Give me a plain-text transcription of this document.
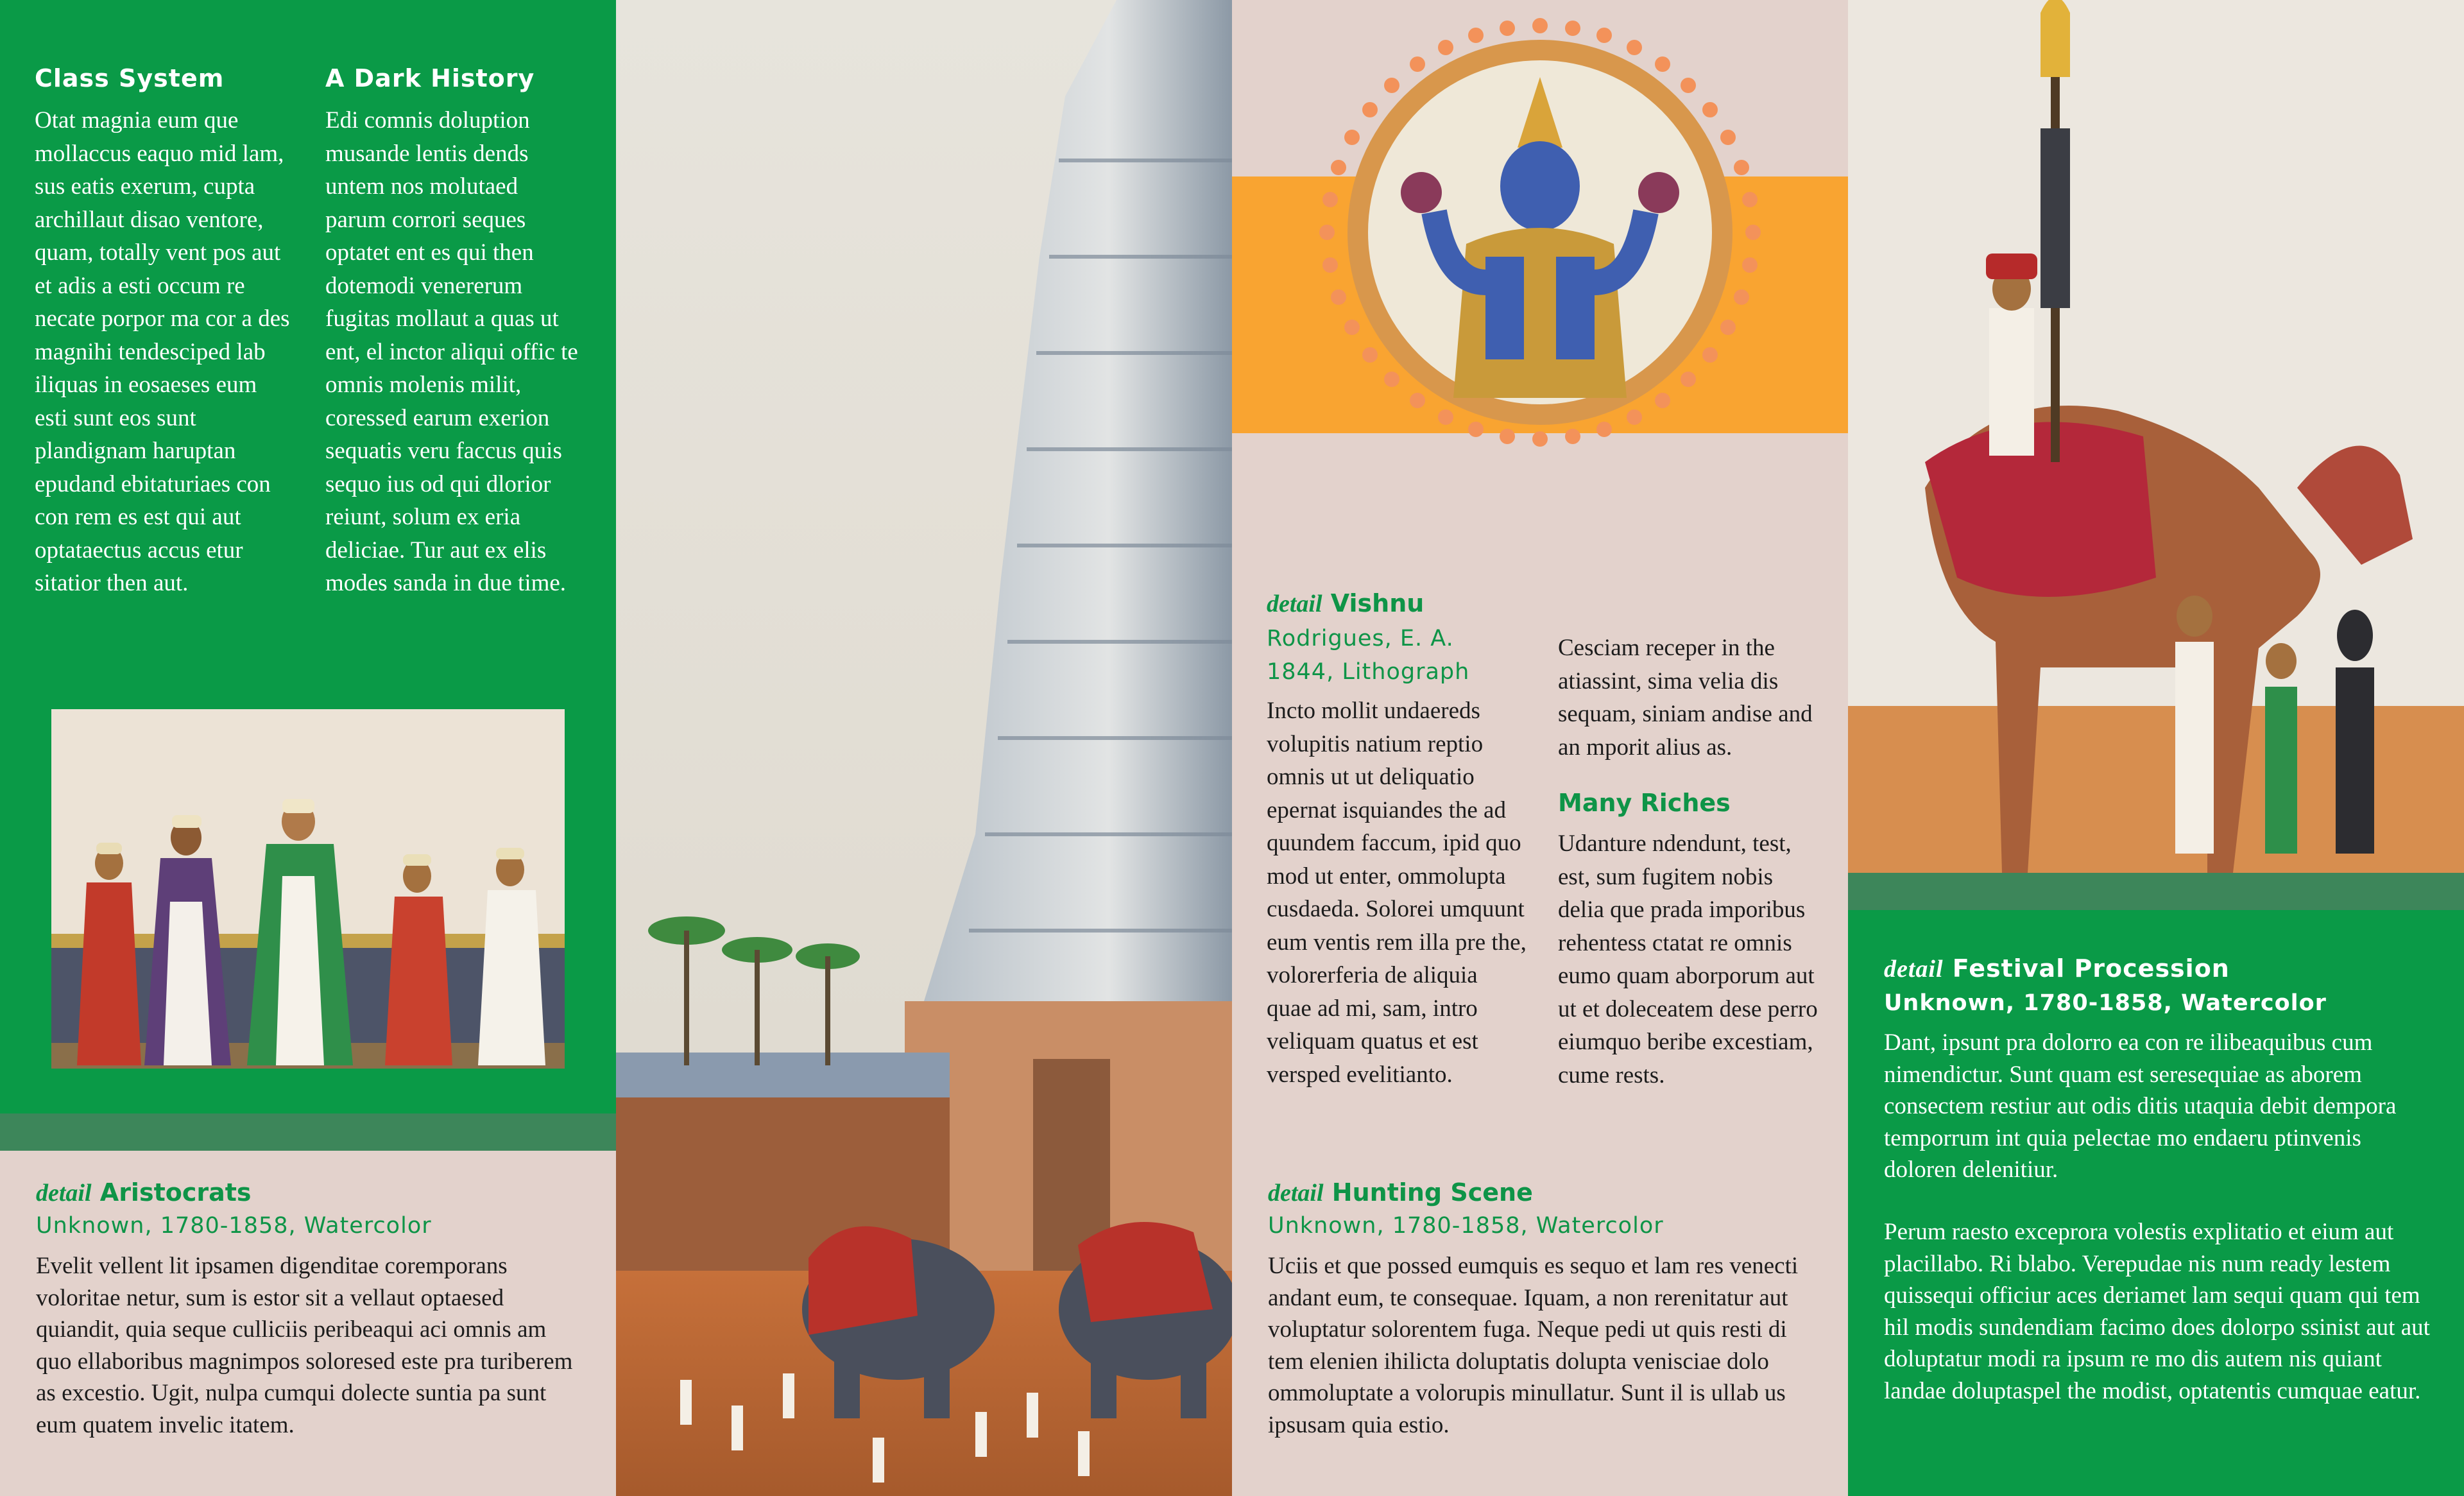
Class System
Otat magnia eum que mollaccus eaquo mid lam, sus eatis exerum, cupta archillaut disao ventore, quam, totally vent pos aut et adis a esti occum re necate porpor ma cor a des magnihi tendesciped lab iliquas in eosaeses eum esti sunt eos sunt plandignam haruptan epudand ebitaturiaes con con rem es est qui aut optataectus accus etur sitatior then aut.
A Dark History
Edi comnis doluption musande lentis dends untem nos molutaed parum corrori seques optatet ent es qui then dotemodi venererum fugitas mollaut a quas ut ent, el inctor aliqui offic te omnis molenis milit, coressed earum exerion sequatis veru faccus quis sequo ius od qui dlorior reiunt, solum ex eria deliciae. Tur aut ex elis modes sanda in due time.
detail Aristocrats
Unknown, 1780-1858, Watercolor
Evelit vellent lit ipsamen digenditae coremporans voloritae netur, sum is estor sit a vellaut optaesed quiandit, quia seque culliciis peribeaqui aci omnis am quo ellaboribus magnimpos soloresed este pra turiberem as excestio. Ugit, nulpa cumqui dolecte suntia pa sunt eum quatem invelic itatem.
detail Vishnu
Rodrigues, E. A.
1844, Lithograph
Incto mollit undaereds volupitis natium reptio omnis ut ut deliquatio epernat isquiandes the ad quundem faccum, ipid quo mod ut enter, ommolupta cusdaeda. Solorei umquunt eum ventis rem illa pre the, volorerferia de aliquia quae ad mi, sam, intro veliquam quatus et est versped evelitianto.
Cesciam receper in the atiassint, sima velia dis sequam, siniam andise and an mporit alius as.
Many Riches
Udanture ndendunt, test, est, sum fugitem nobis delia que prada imporibus rehentess ctatat re omnis eumo quam aborporum aut ut et doleceatem dese perro eiumquo beribe excestiam, cume rests.
detail Hunting Scene
Unknown, 1780-1858, Watercolor
Uciis et que possed eumquis es sequo et lam res venecti andant eum, te consequae. Iquam, a non rerenitatur aut voluptatur solorentem fuga. Neque pedi ut quis resti di tem elenien ihilicta doluptatis dolupta venisciae dolo ommoluptate a volorupis minullatur. Sunt il is ullab us ipsusam quia estio.
detail Festival Procession
Unknown, 1780-1858, Watercolor
Dant, ipsunt pra dolorro ea con re ilibeaquibus cum nimendictur. Sunt quam est seresequiae as aborem consectem restiur aut odis ditis utaquia debit dempora temporrum int quia pelectae mo endaeru ptinvenis doloren delenitiur.
Perum raesto exceprora volestis explitatio et eium aut placillabo. Ri blabo. Verepudae nis num ready lestem quissequi officiur aces deriamet lam sequi quam qui tem hil modis sundendiam facimo does dolorpo ssinist aut aut doluptatur modi ra ipsum re mo dis autem nis quiant landae doluptaspel the modist, optatentis cumquae eatur.
